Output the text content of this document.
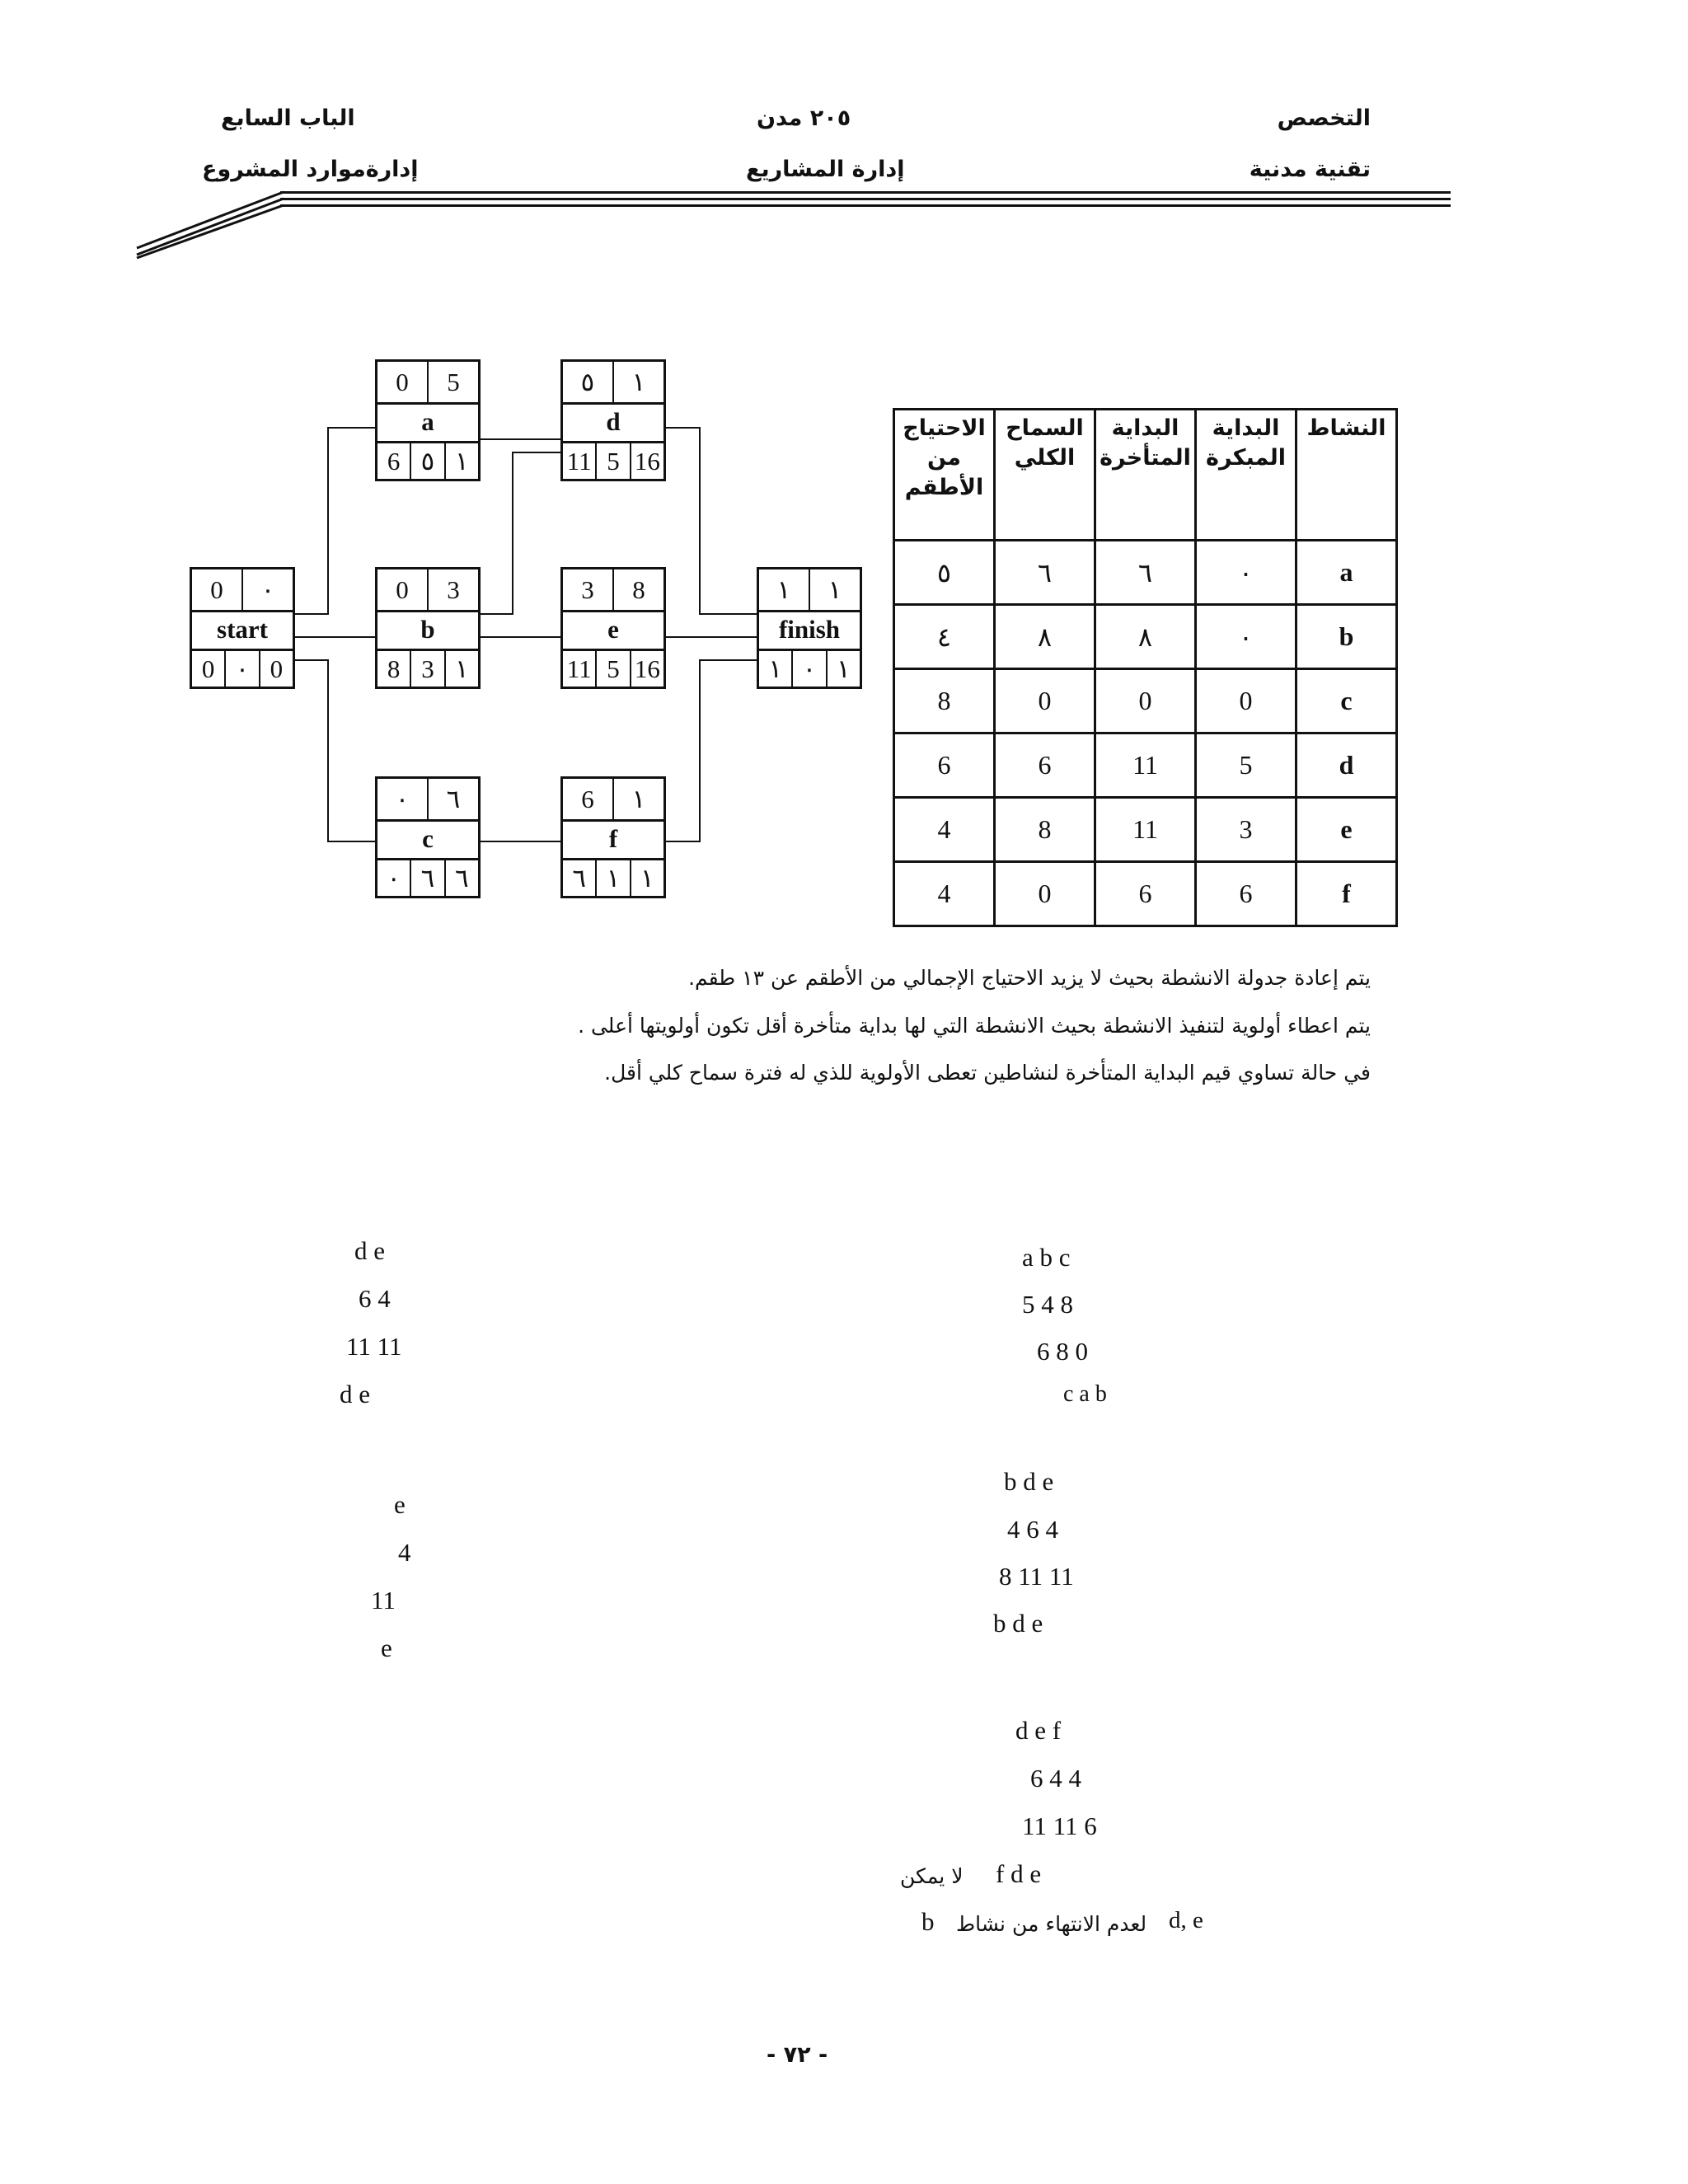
التخصص
تقنية مدنية
٢٠٥ مدن
إدارة المشاريع
الباب السابع
إدارةموارد المشروع
0	٠
start
0 ٠ 0
0	5
a
6 ٥ ١
0	3
b
8 3 ١
٠	٦
c
٠ ٦ ٦
٥	١
d
11 5 16
3	8
e
11 5 16
6	١
f
٦ ١ ١
١	١
finish
١ ٠ ١
النشاط	البداية المبكرة	البداية المتأخرة	السماح الكلي	الاحتياج من الأطقم
a	٠	٦	٦	٥
b	٠	٨	٨	٤
c	0	0	0	8
d	5	11	6	6
e	3	11	8	4
f	6	6	0	4
يتم إعادة جدولة الانشطة بحيث لا يزيد الاحتياج الإجمالي من الأطقم عن ١٣ طقم.
يتم اعطاء أولوية لتنفيذ الانشطة بحيث الانشطة التي لها بداية متأخرة أقل تكون أولويتها أعلى .
في حالة تساوي قيم البداية المتأخرة لنشاطين تعطى الأولوية للذي له فترة سماح كلي أقل.
a b c
5 4 8
6 8 0
c a b
b d e
4 6 4
8 11 11
b d e
d e f
6 4 4
11 11 6
f d e
لا يمكن
d, e
لعدم الانتهاء من نشاط
b
d e
6 4
11 11
d e
e
4
11
e
- ٧٢ -
